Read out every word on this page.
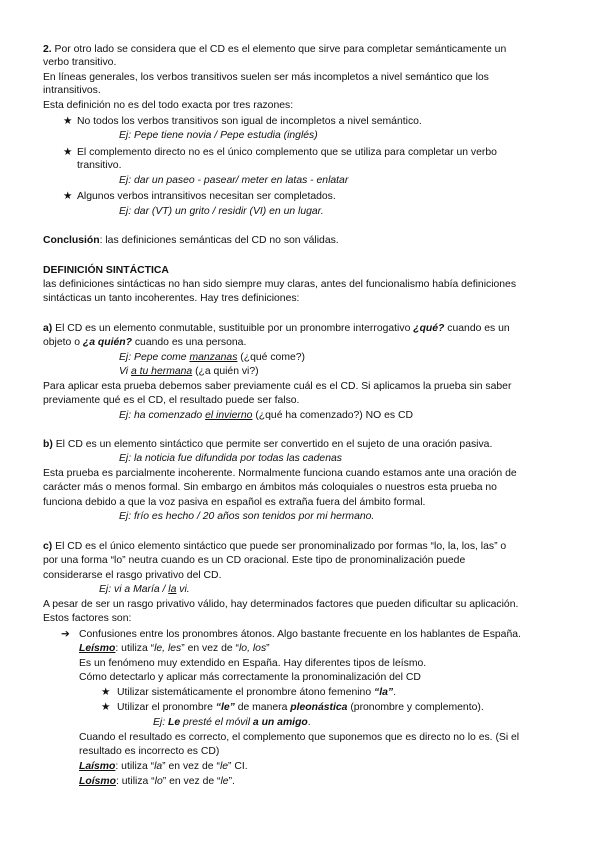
2. Por otro lado se considera que el CD es el elemento que sirve para completar semánticamente un
verbo transitivo.
En líneas generales, los verbos transitivos suelen ser más incompletos a nivel semántico que los
intransitivos.
Esta definición no es del todo exacta por tres razones:
★ No todos los verbos transitivos son igual de incompletos a nivel semántico.
Ej: Pepe tiene novia / Pepe estudia (inglés)
★ El complemento directo no es el único complemento que se utiliza para completar un verbo
transitivo.
Ej: dar un paseo - pasear/ meter en latas - enlatar
★ Algunos verbos intransitivos necesitan ser completados.
Ej: dar (VT) un grito / residir (VI) en un lugar.
Conclusión: las definiciones semánticas del CD no son válidas.
DEFINICIÓN SINTÁCTICA
las definiciones sintácticas no han sido siempre muy claras, antes del funcionalismo había definiciones
sintácticas un tanto incoherentes. Hay tres definiciones:
a) El CD es un elemento conmutable, sustituible por un pronombre interrogativo ¿qué? cuando es un
objeto o ¿a quién? cuando es una persona.
Ej: Pepe come manzanas (¿qué come?)
Vi a tu hermana (¿a quién vi?)
Para aplicar esta prueba debemos saber previamente cuál es el CD. Si aplicamos la prueba sin saber
previamente qué es el CD, el resultado puede ser falso.
Ej: ha comenzado el invierno (¿qué ha comenzado?) NO es CD
b) El CD es un elemento sintáctico que permite ser convertido en el sujeto de una oración pasiva.
Ej: la noticia fue difundida por todas las cadenas
Esta prueba es parcialmente incoherente. Normalmente funciona cuando estamos ante una oración de
carácter más o menos formal. Sin embargo en ámbitos más coloquiales o nuestros esta prueba no
funciona debido a que la voz pasiva en español es extraña fuera del ámbito formal.
Ej: frío es hecho / 20 años son tenidos por mi hermano.
c) El CD es el único elemento sintáctico que puede ser pronominalizado por formas “lo, la, los, las” o
por una forma “lo” neutra cuando es un CD oracional. Este tipo de pronominalización puede
considerarse el rasgo privativo del CD.
Ej: vi a María / la vi.
A pesar de ser un rasgo privativo válido, hay determinados factores que pueden dificultar su aplicación.
Estos factores son:
➔ Confusiones entre los pronombres átonos. Algo bastante frecuente en los hablantes de España.
Leísmo: utiliza “le, les” en vez de “lo, los”
Es un fenómeno muy extendido en España. Hay diferentes tipos de leísmo.
Cómo detectarlo y aplicar más correctamente la pronominalización del CD
★ Utilizar sistemáticamente el pronombre átono femenino “la”.
★ Utilizar el pronombre “le” de manera pleonástica (pronombre y complemento).
Ej: Le presté el móvil a un amigo.
Cuando el resultado es correcto, el complemento que suponemos que es directo no lo es. (Si el
resultado es incorrecto es CD)
Laísmo: utiliza “la” en vez de “le” CI.
Loísmo: utiliza “lo” en vez de “le”.
